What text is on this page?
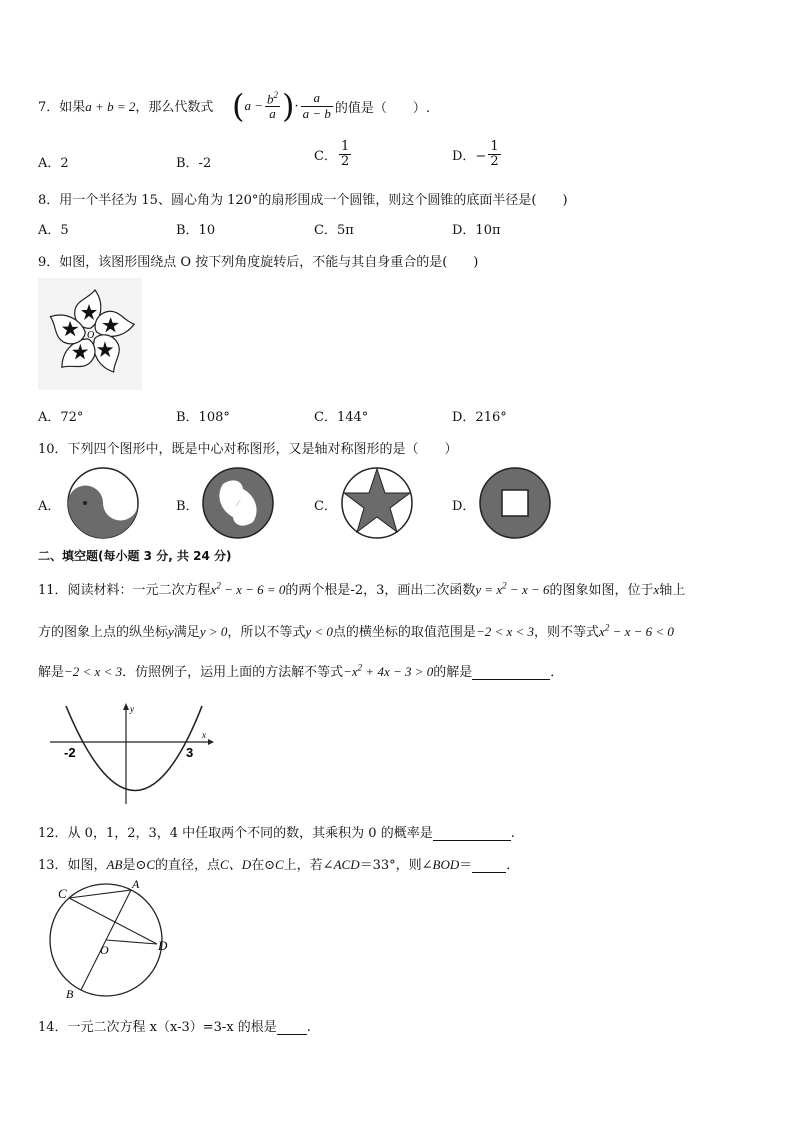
7．如果a + b = 2，那么代数式 ( $a - \frac{b^2}{a}$ ) · $\frac{a}{a - b}$ 的值是（　　）.
A．2	B．-2	C． $\frac{1}{2}$	D．− $\frac{1}{2}$
8．用一个半径为 15、圆心角为 120°的扇形围成一个圆锥，则这个圆锥的底面半径是(　　)
A．5	B．10	C．5π	D．10π
9．如图，该图形围绕点 O 按下列角度旋转后，不能与其自身重合的是(　　)
O
A．72°	B．108°	C．144°	D．216°
10．下列四个图形中，既是中心对称图形，又是轴对称图形的是（　　）
A．	B．	C．	D．
二、填空题(每小题 3 分, 共 24 分)
11．阅读材料：一元二次方程$x^2 - x - 6 = 0$的两个根是-2，3，画出二次函数$y = x^2 - x - 6$的图象如图，位于x轴上
方的图象上点的纵坐标y满足y > 0，所以不等式y < 0点的横坐标的取值范围是−2 < x < 3，则不等式$x^2 - x - 6 < 0$
解是−2 < x < 3．仿照例子，运用上面的方法解不等式$-x^2 + 4x - 3 > 0$的解是	．
y
x
-2	3
12．从 0，1，2，3，4 中任取两个不同的数，其乘积为 0 的概率是	.
13．如图，AB是⊙C的直径，点C、D在⊙C上，若∠ACD＝33°，则∠BOD＝	．
C
A
O	D
B
14．一元二次方程 x（x-3）=3-x 的根是 .
